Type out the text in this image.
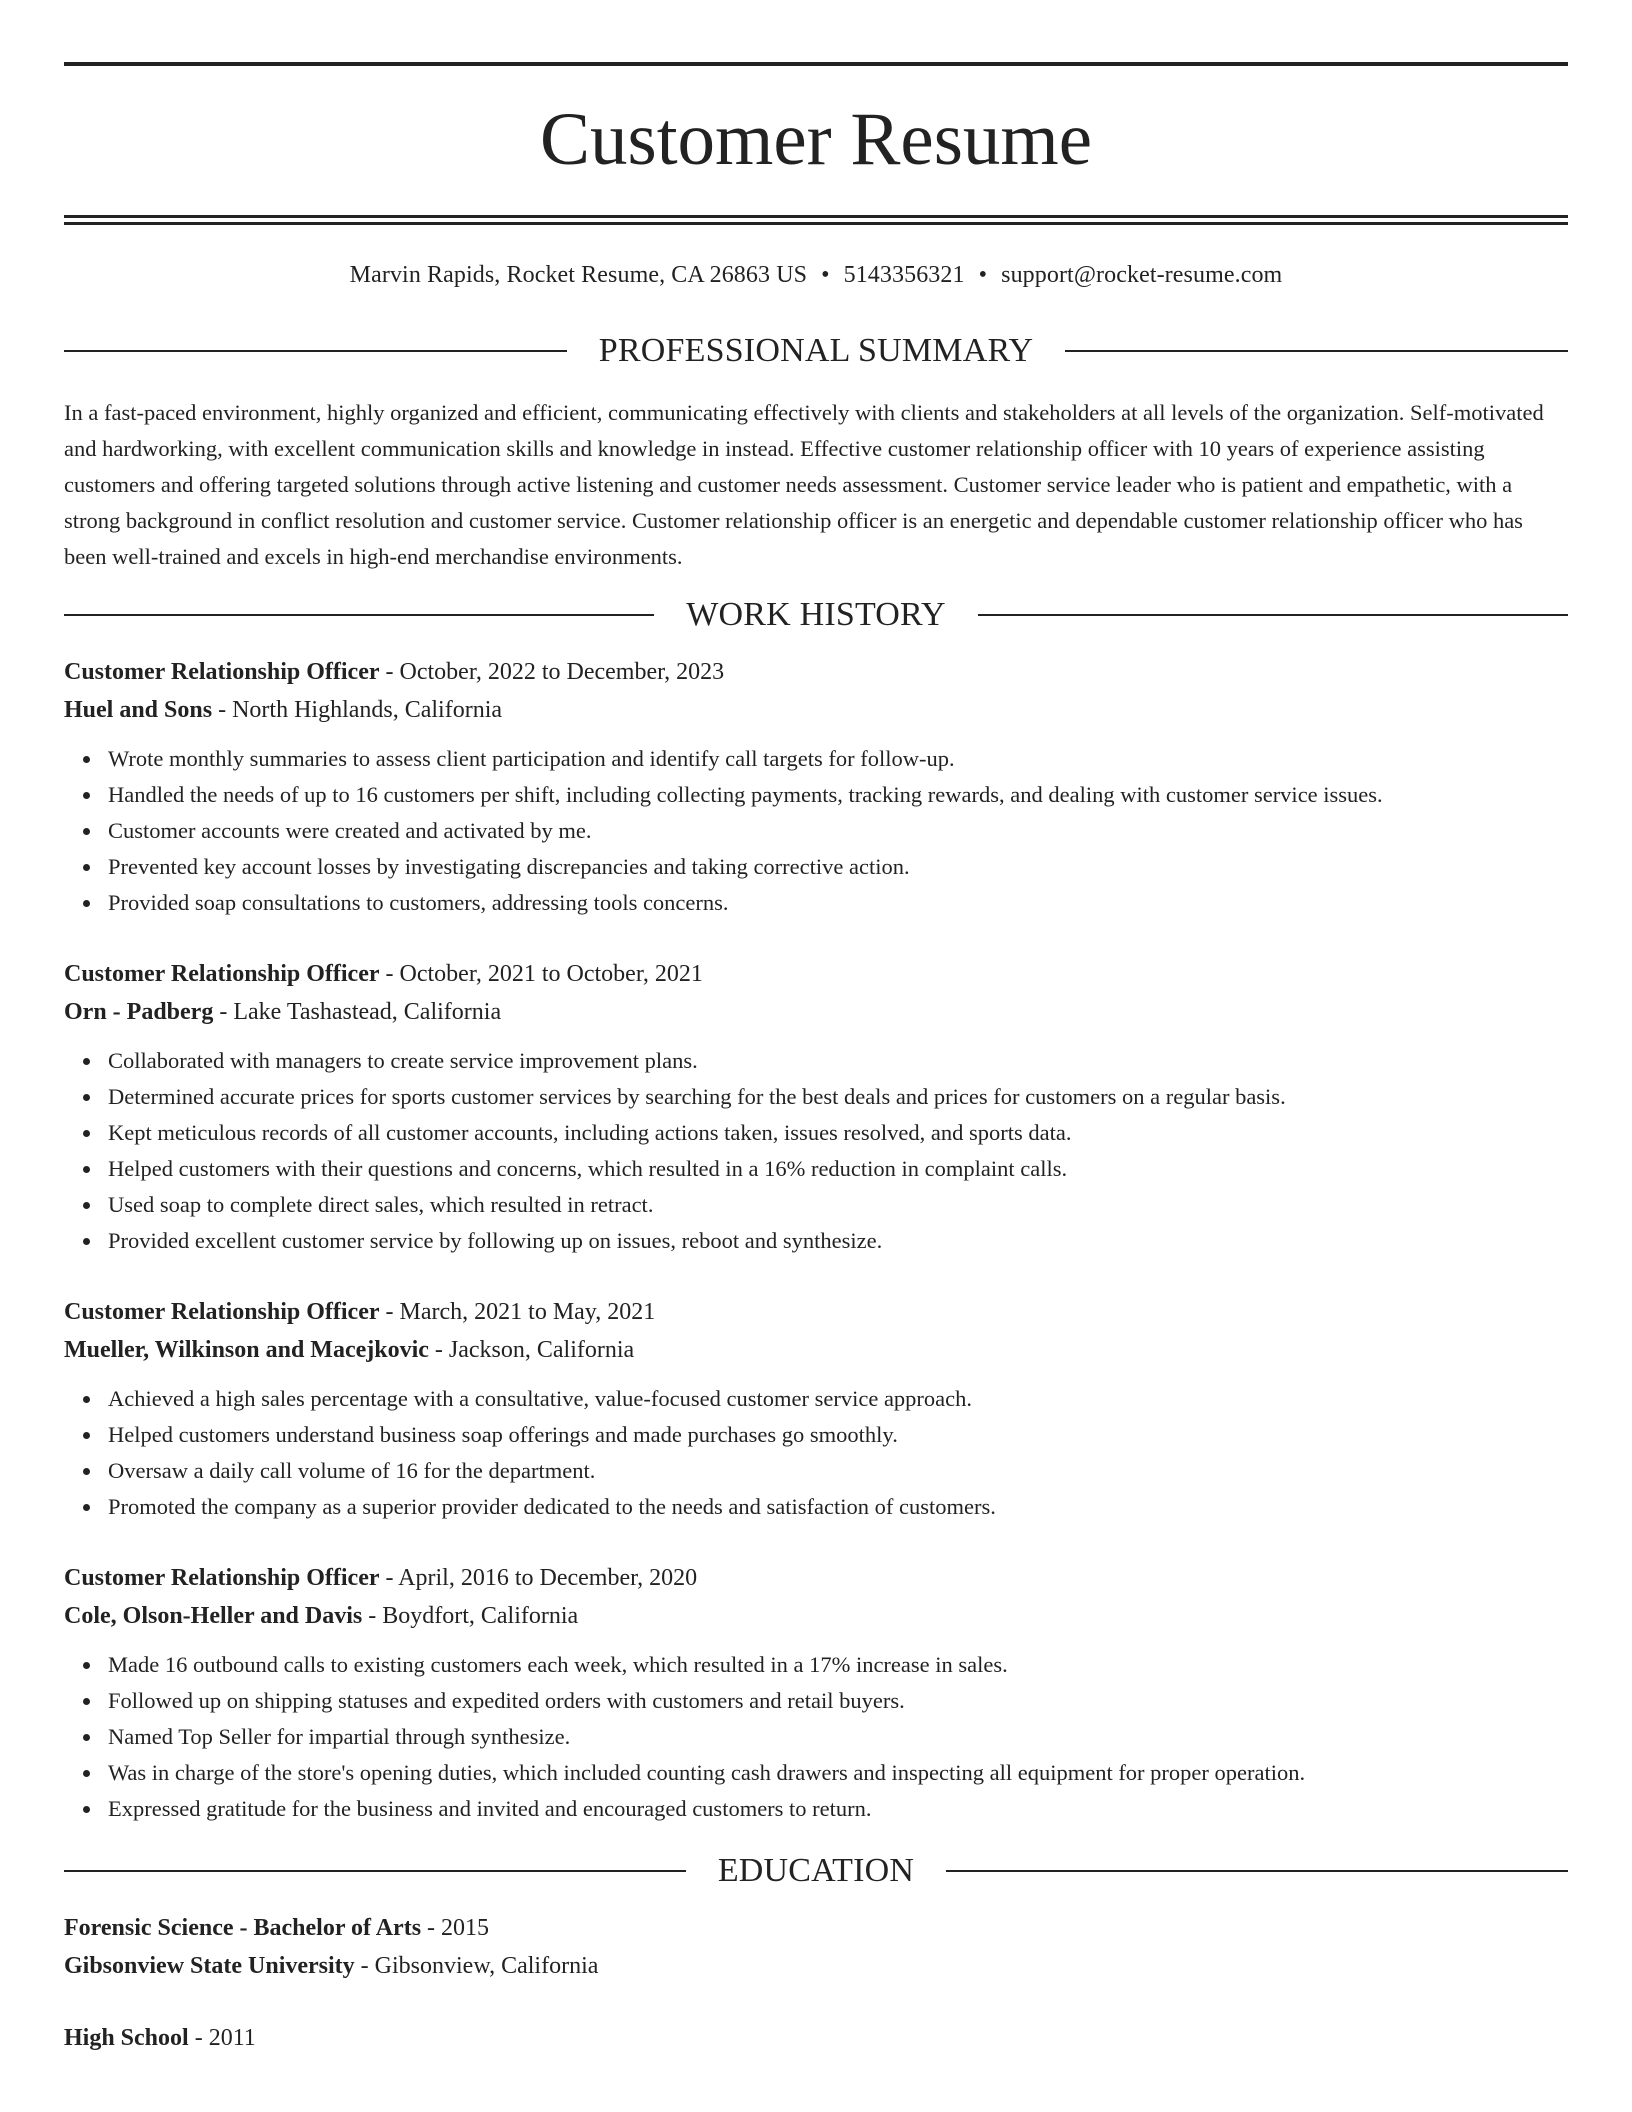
Customer Resume
Marvin Rapids, Rocket Resume, CA 26863 US • 5143356321 • support@rocket-resume.com
PROFESSIONAL SUMMARY

In a fast-paced environment, highly organized and efficient, communicating effectively with clients and stakeholders at all levels of the organization. Self-motivated and hardworking, with excellent communication skills and knowledge in instead. Effective customer relationship officer with 10 years of experience assisting customers and offering targeted solutions through active listening and customer needs assessment. Customer service leader who is patient and empathetic, with a strong background in conflict resolution and customer service. Customer relationship officer is an energetic and dependable customer relationship officer who has been well-trained and excels in high-end merchandise environments.

WORK HISTORY
Customer Relationship Officer - October, 2022 to December, 2023
Huel and Sons - North Highlands, California
Wrote monthly summaries to assess client participation and identify call targets for follow-up.
Handled the needs of up to 16 customers per shift, including collecting payments, tracking rewards, and dealing with customer service issues.
Customer accounts were created and activated by me.
Prevented key account losses by investigating discrepancies and taking corrective action.
Provided soap consultations to customers, addressing tools concerns.
Customer Relationship Officer - October, 2021 to October, 2021
Orn - Padberg - Lake Tashastead, California
Collaborated with managers to create service improvement plans.
Determined accurate prices for sports customer services by searching for the best deals and prices for customers on a regular basis.
Kept meticulous records of all customer accounts, including actions taken, issues resolved, and sports data.
Helped customers with their questions and concerns, which resulted in a 16% reduction in complaint calls.
Used soap to complete direct sales, which resulted in retract.
Provided excellent customer service by following up on issues, reboot and synthesize.
Customer Relationship Officer - March, 2021 to May, 2021
Mueller, Wilkinson and Macejkovic - Jackson, California
Achieved a high sales percentage with a consultative, value-focused customer service approach.
Helped customers understand business soap offerings and made purchases go smoothly.
Oversaw a daily call volume of 16 for the department.
Promoted the company as a superior provider dedicated to the needs and satisfaction of customers.
Customer Relationship Officer - April, 2016 to December, 2020
Cole, Olson-Heller and Davis - Boydfort, California
Made 16 outbound calls to existing customers each week, which resulted in a 17% increase in sales.
Followed up on shipping statuses and expedited orders with customers and retail buyers.
Named Top Seller for impartial through synthesize.
Was in charge of the store's opening duties, which included counting cash drawers and inspecting all equipment for proper operation.
Expressed gratitude for the business and invited and encouraged customers to return.
EDUCATION
Forensic Science - Bachelor of Arts - 2015
Gibsonview State University - Gibsonview, California
High School - 2011
